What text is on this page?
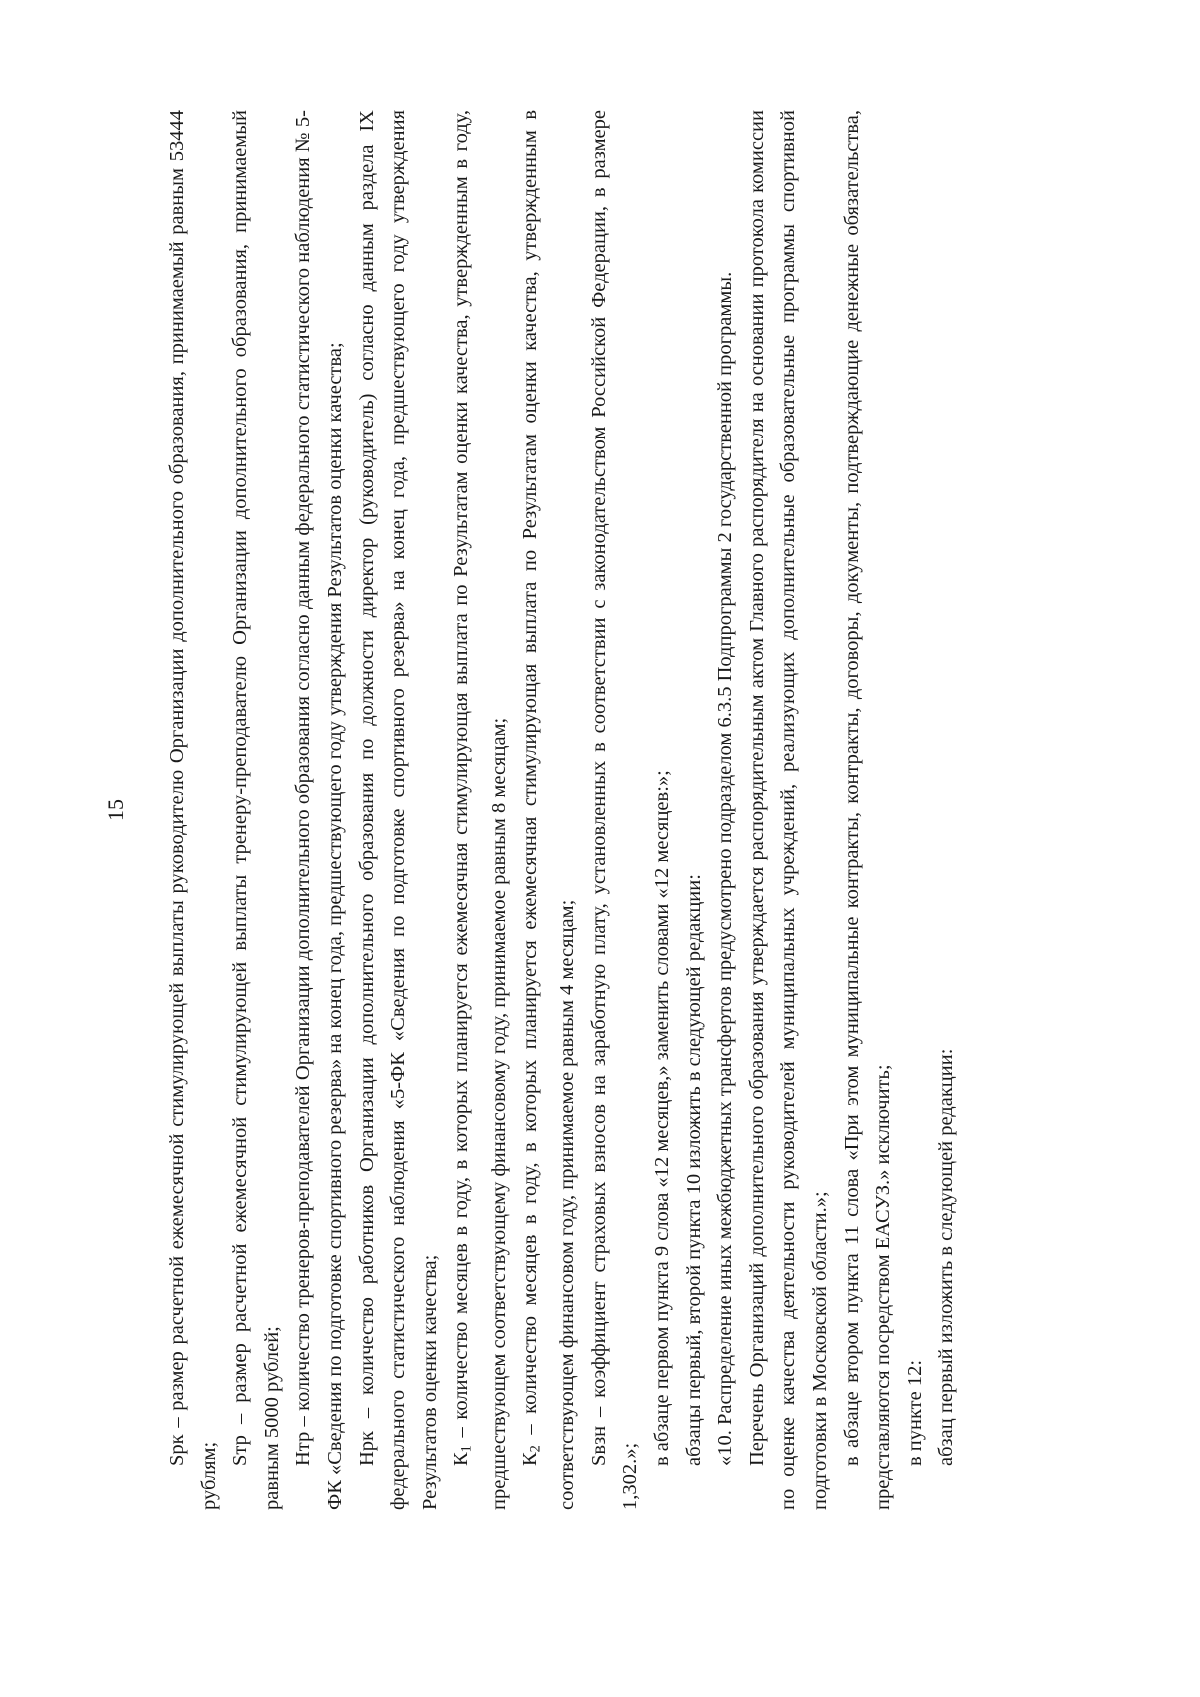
15 Sрк – размер расчетной ежемесячной стимулирующей выплаты руководителю Организации дополнительного образования, принимаемый равным 53444 рублям;

Sтр – размер расчетной ежемесячной стимулирующей выплаты тренеру-преподавателю Организации дополнительного образования, принимаемый равным 5000 рублей; Нтр – количество тренеров-преподавателей Организации дополнительного образования согласно данным федерального статистического наблюдения № 5-ФК «Сведения по подготовке спортивного резерва» на конец года, предшествующего году утверждения Результатов оценки качества; Нрк – количество работников Организации дополнительного образования по должности директор (руководитель) согласно данным раздела IX федерального статистического наблюдения «5-ФК «Сведения по подготовке спортивного резерва» на конец года, предшествующего году утверждения Результатов оценки качества; $К_1$ – количество месяцев в году, в которых планируется ежемесячная стимулирующая выплата по Результатам оценки качества, утвержденным в году, предшествующем соответствующему финансовому году, принимаемое равным 8 месяцам; $К_2$ – количество месяцев в году, в которых планируется ежемесячная стимулирующая выплата по Результатам оценки качества, утвержденным в соответствующем финансовом году, принимаемое равным 4 месяцам; Sвзн – коэффициент страховых взносов на заработную плату, установленных в соответствии с законодательством Российской Федерации, в размере 1,302.»;

в абзаце первом пункта 9 слова «12 месяцев,» заменить словами «12 месяцев:»; абзацы первый, второй пункта 10 изложить в следующей редакции: «10. Распределение иных межбюджетных трансфертов предусмотрено подразделом 6.3.5 Подпрограммы 2 государственной программы. Перечень Организаций дополнительного образования утверждается распорядительным актом Главного распорядителя на основании протокола комиссии по оценке качества деятельности руководителей муниципальных учреждений, реализующих дополнительные образовательные программы спортивной подготовки в Московской области.»; в абзаце втором пункта 11 слова «При этом муниципальные контракты, контракты, договоры, документы, подтверждающие денежные обязательства, представляются посредством ЕАСУЗ.» исключить; в пункте 12: абзац первый изложить в следующей редакции:
